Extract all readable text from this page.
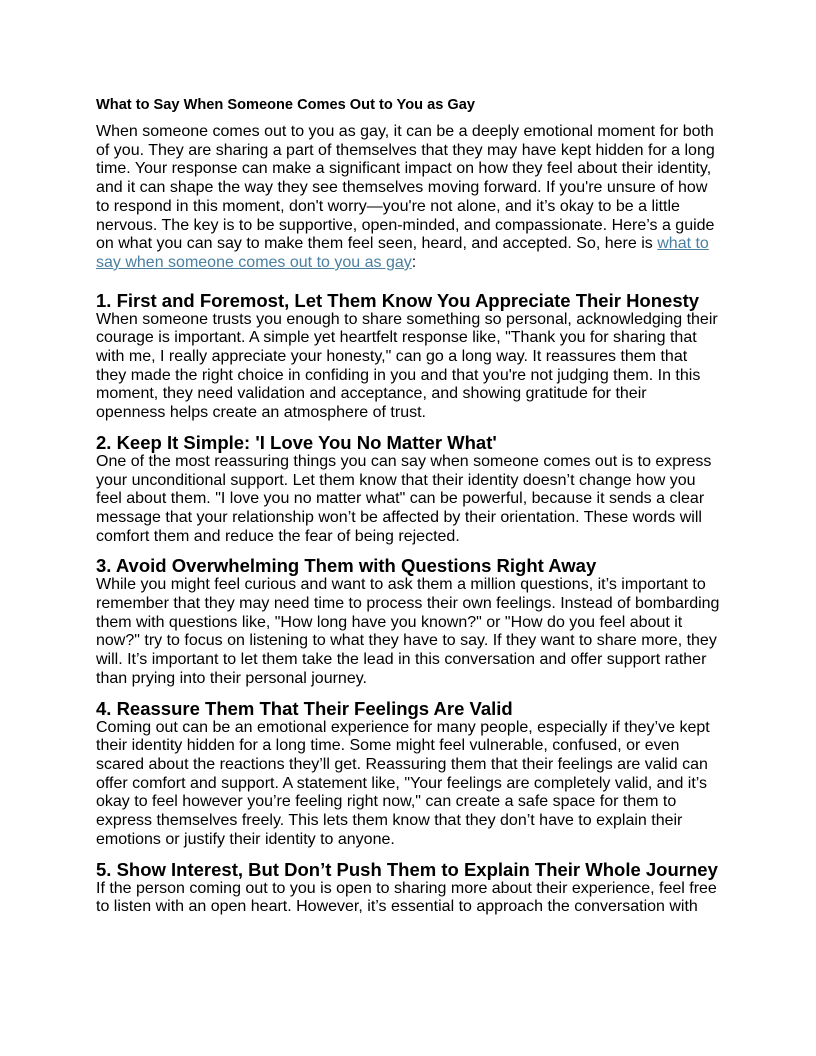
What to Say When Someone Comes Out to You as Gay

When someone comes out to you as gay, it can be a deeply emotional moment for both of you. They are sharing a part of themselves that they may have kept hidden for a long time. Your response can make a significant impact on how they feel about their identity, and it can shape the way they see themselves moving forward. If you're unsure of how to respond in this moment, don't worry—you're not alone, and it’s okay to be a little nervous. The key is to be supportive, open-minded, and compassionate. Here’s a guide on what you can say to make them feel seen, heard, and accepted. So, here is what to say when someone comes out to you as gay:

1. First and Foremost, Let Them Know You Appreciate Their Honesty

When someone trusts you enough to share something so personal, acknowledging their courage is important. A simple yet heartfelt response like, "Thank you for sharing that with me, I really appreciate your honesty," can go a long way. It reassures them that they made the right choice in confiding in you and that you're not judging them. In this moment, they need validation and acceptance, and showing gratitude for their openness helps create an atmosphere of trust.

2. Keep It Simple: 'I Love You No Matter What'

One of the most reassuring things you can say when someone comes out is to express your unconditional support. Let them know that their identity doesn’t change how you feel about them. "I love you no matter what" can be powerful, because it sends a clear message that your relationship won’t be affected by their orientation. These words will comfort them and reduce the fear of being rejected.

3. Avoid Overwhelming Them with Questions Right Away

While you might feel curious and want to ask them a million questions, it’s important to remember that they may need time to process their own feelings. Instead of bombarding them with questions like, "How long have you known?" or "How do you feel about it now?" try to focus on listening to what they have to say. If they want to share more, they will. It’s important to let them take the lead in this conversation and offer support rather than prying into their personal journey.

4. Reassure Them That Their Feelings Are Valid

Coming out can be an emotional experience for many people, especially if they’ve kept their identity hidden for a long time. Some might feel vulnerable, confused, or even scared about the reactions they’ll get. Reassuring them that their feelings are valid can offer comfort and support. A statement like, "Your feelings are completely valid, and it’s okay to feel however you’re feeling right now," can create a safe space for them to express themselves freely. This lets them know that they don’t have to explain their emotions or justify their identity to anyone.

5. Show Interest, But Don’t Push Them to Explain Their Whole Journey

If the person coming out to you is open to sharing more about their experience, feel free to listen with an open heart. However, it’s essential to approach the conversation with
